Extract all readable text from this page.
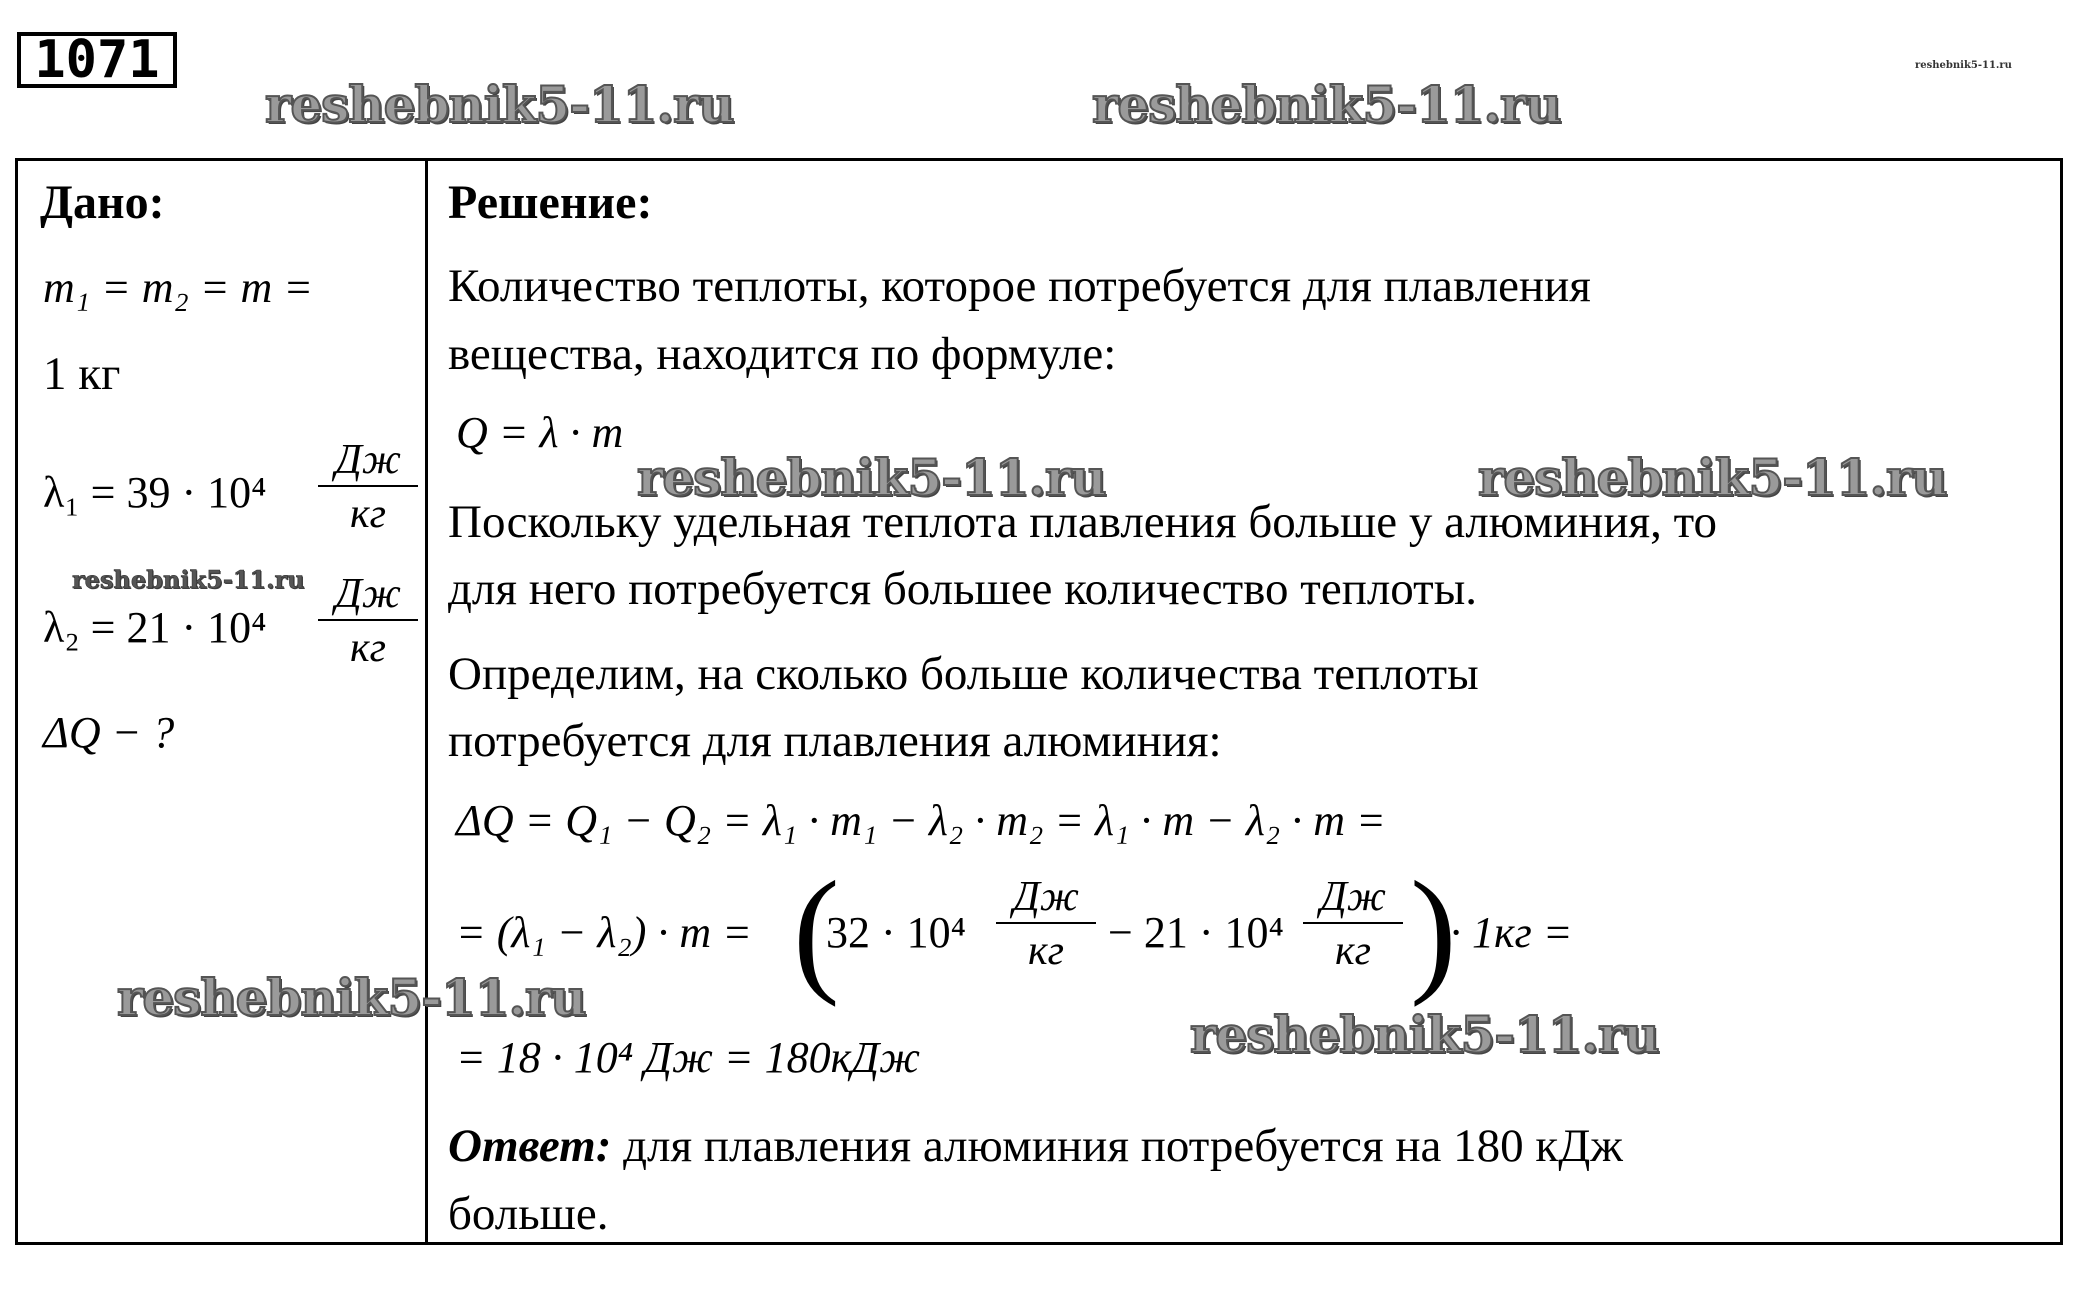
1071
reshebnik5-11.ru	reshebnik5-11.ru
reshebnik5-11.ru
Дано:
m₁ = m₂ = m =
1 кг
λ₁ = 39 · 10⁴
Дж
кг
λ₂ = 21 · 10⁴
Дж
кг
ΔQ − ?
Решение:
Количество теплоты, которое потребуется для плавления
вещества, находится по формуле:
Q = λ · m
Поскольку удельная теплота плавления больше у алюминия, то
для него потребуется большее количество теплоты.
Определим, на сколько больше количества теплоты
потребуется для плавления алюминия:
ΔQ = Q₁ − Q₂ = λ₁ · m₁ − λ₂ · m₂ = λ₁ · m − λ₂ · m =
= (λ₁ − λ₂) · m = (
32 · 10⁴
Дж
кг − 21 · 10⁴
Дж
кг )
· 1кг =
= 18 · 10⁴ Дж = 180кДж
Ответ: для плавления алюминия потребуется на 180 кДж
больше.
reshebnik5-11.ru	reshebnik5-11.ru
reshebnik5-11.ru
reshebnik5-11.ru
reshebnik5-11.ru
